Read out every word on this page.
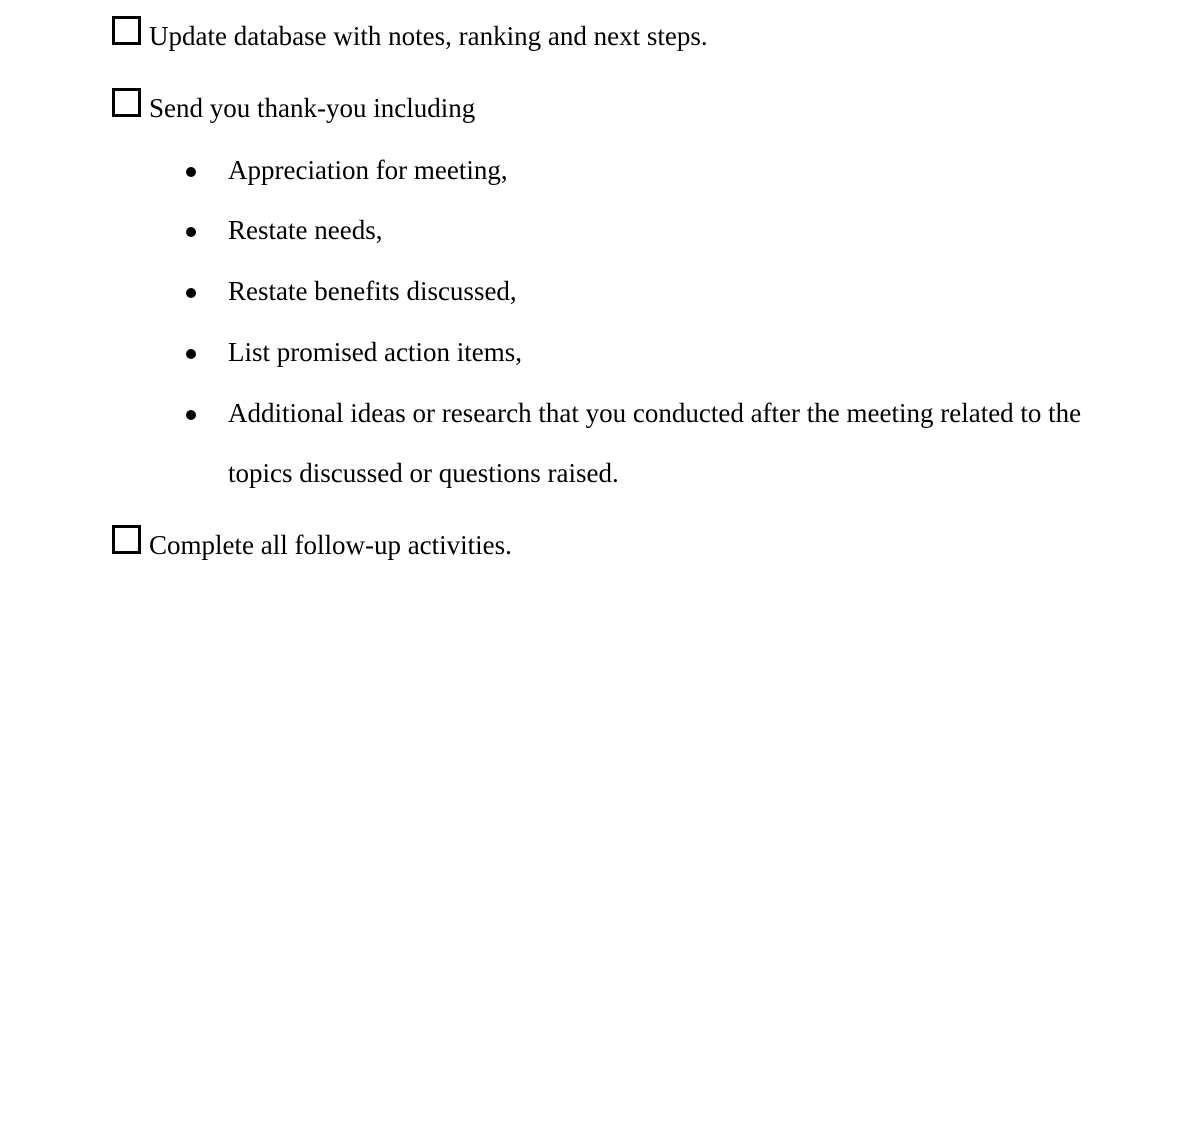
Update database with notes, ranking and next steps.
Send you thank-you including
Appreciation for meeting,
Restate needs,
Restate benefits discussed,
List promised action items,
Additional ideas or research that you conducted after the meeting related to the topics discussed or questions raised.
Complete all follow-up activities.
